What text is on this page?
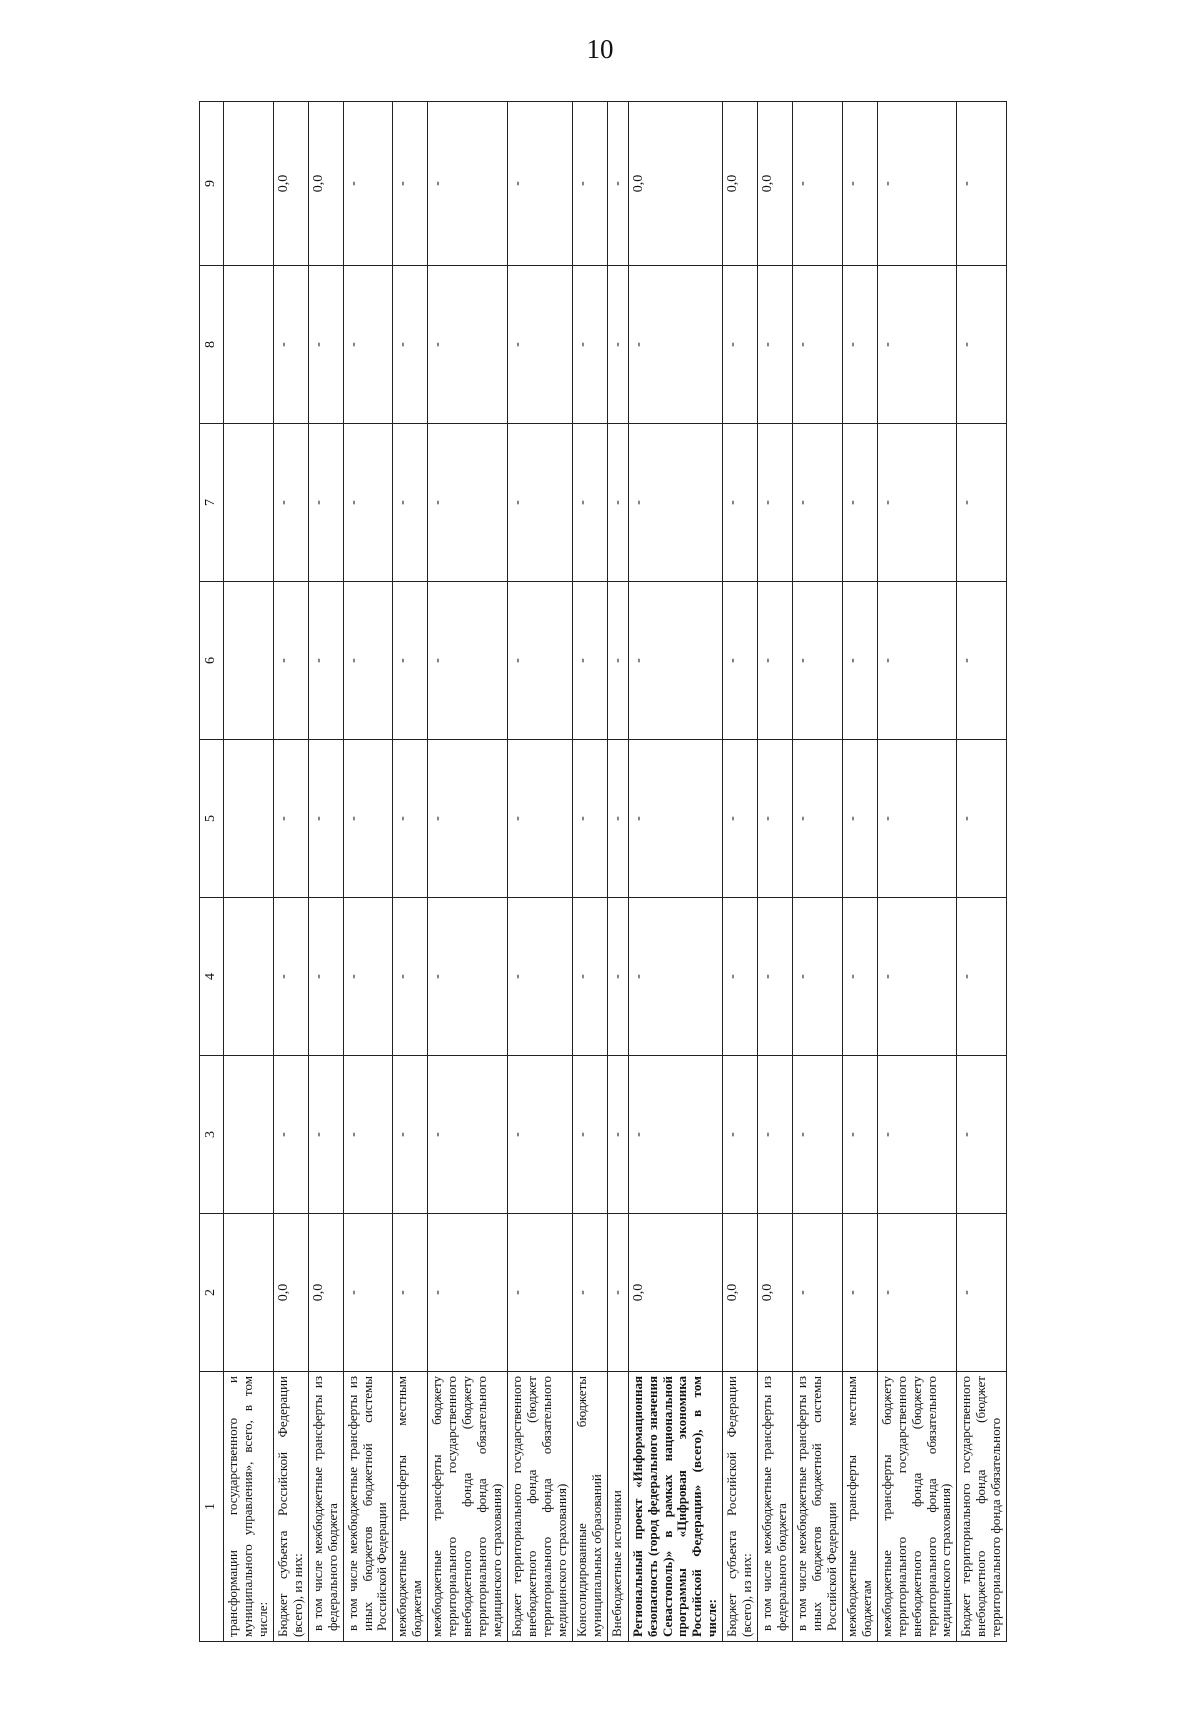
10
1	2	3	4	5	6	7	8	9
трансформации государственного и муниципального управления», всего, в том числе:								
Бюджет субъекта Российской Федерации (всего), из них:	0,0	-	-	-	-	-	-	0,0
в том числе межбюджетные трансферты из федерального бюджета	0,0	-	-	-	-	-	-	0,0
в том числе межбюджетные трансферты из иных бюджетов бюджетной системы Российской Федерации	-	-	-	-	-	-	-	-
межбюджетные трансферты местным бюджетам	-	-	-	-	-	-	-	-
межбюджетные трансферты бюджету территориального государственного внебюджетного фонда (бюджету территориального фонда обязательного медицинского страхования)	-	-	-	-	-	-	-	-
Бюджет территориального государственного внебюджетного фонда (бюджет территориального фонда обязательного медицинского страхования)	-	-	-	-	-	-	-	-
Консолидированные бюджеты муниципальных образований	-	-	-	-	-	-	-	-
Внебюджетные источники	-	-	-	-	-	-	-	-
Региональный проект «Информационная безопасность (город федерального значения Севастополь)» в рамках национальной программы «Цифровая экономика Российской Федерации» (всего), в том числе:	0,0	-	-	-	-	-	-	0,0
Бюджет субъекта Российской Федерации (всего), из них:	0,0	-	-	-	-	-	-	0,0
в том числе межбюджетные трансферты из федерального бюджета	0,0	-	-	-	-	-	-	0,0
в том числе межбюджетные трансферты из иных бюджетов бюджетной системы Российской Федерации	-	-	-	-	-	-	-	-
межбюджетные трансферты местным бюджетам	-	-	-	-	-	-	-	-
межбюджетные трансферты бюджету территориального государственного внебюджетного фонда (бюджету территориального фонда обязательного медицинского страхования)	-	-	-	-	-	-	-	-
Бюджет территориального государственного внебюджетного фонда (бюджет территориального фонда обязательного	-	-	-	-	-	-	-	-
